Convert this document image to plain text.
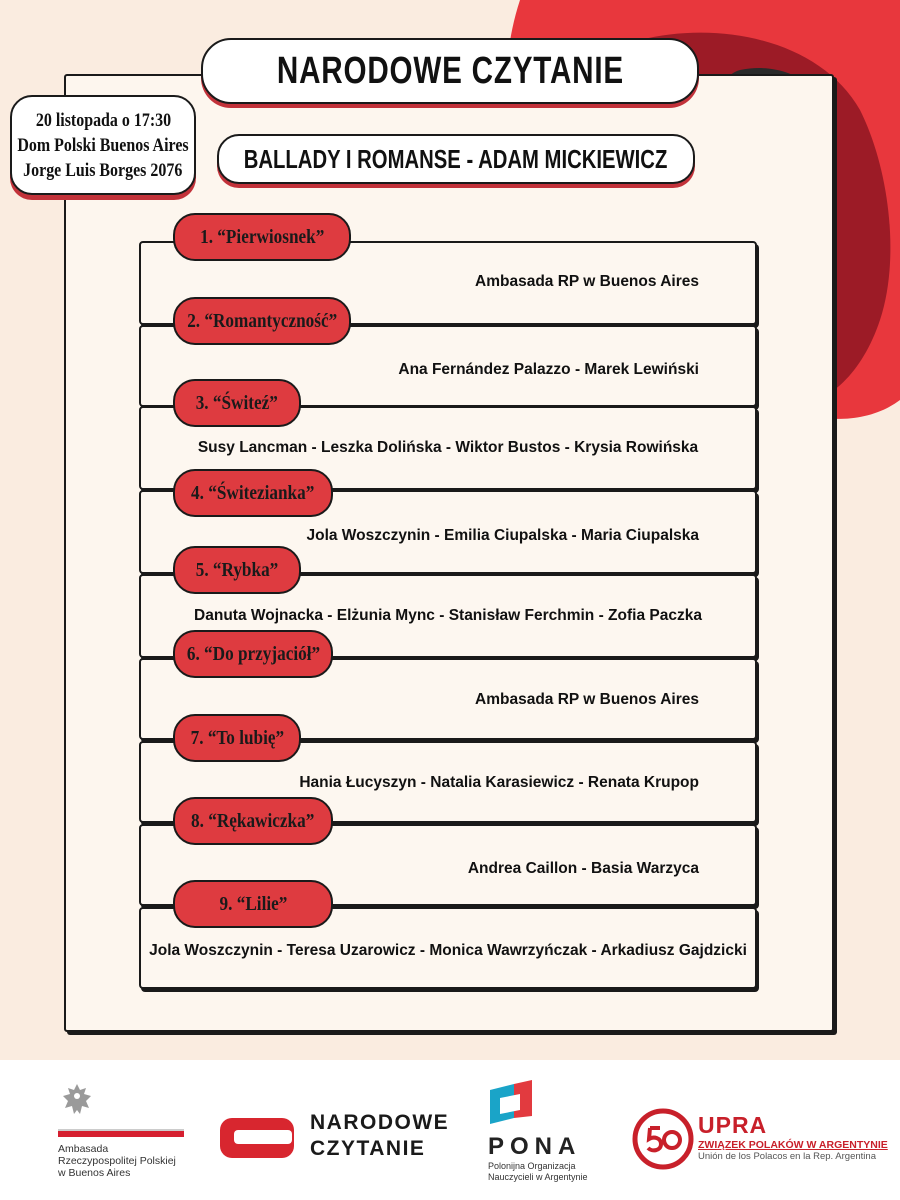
NARODOWE CZYTANIE
BALLADY I ROMANSE - ADAM MICKIEWICZ
20 listopada o 17:30
Dom Polski Buenos Aires
Jorge Luis Borges 2076
Ambasada RP w Buenos Aires
Ana Fernández Palazzo - Marek Lewiński
Susy Lancman - Leszka Dolińska - Wiktor Bustos - Krysia Rowińska
Jola Woszczynin - Emilia Ciupalska - Maria Ciupalska
Danuta Wojnacka - Elżunia Mync - Stanisław Ferchmin - Zofia Paczka
Ambasada RP w Buenos Aires
Hania Łucyszyn - Natalia Karasiewicz - Renata Krupop
Andrea Caillon - Basia Warzyca
Jola Woszczynin - Teresa Uzarowicz - Monica Wawrzyńczak - Arkadiusz Gajdzicki
1. “Pierwiosnek”
2. “Romantyczność”
3. “Świteź”
4. “Świtezianka”
5. “Rybka”
6. “Do przyjaciół”
7. “To lubię”
8. “Rękawiczka”
9. “Lilie”
Ambasada
Rzeczypospolitej Polskiej
w Buenos Aires
NARODOWE
CZYTANIE	PONA
Polonijna Organizacja
Nauczycieli w Argentynie
UPRA
ZWIĄZEK POLAKÓW W ARGENTYNIE
Unión de los Polacos en la Rep. Argentina
